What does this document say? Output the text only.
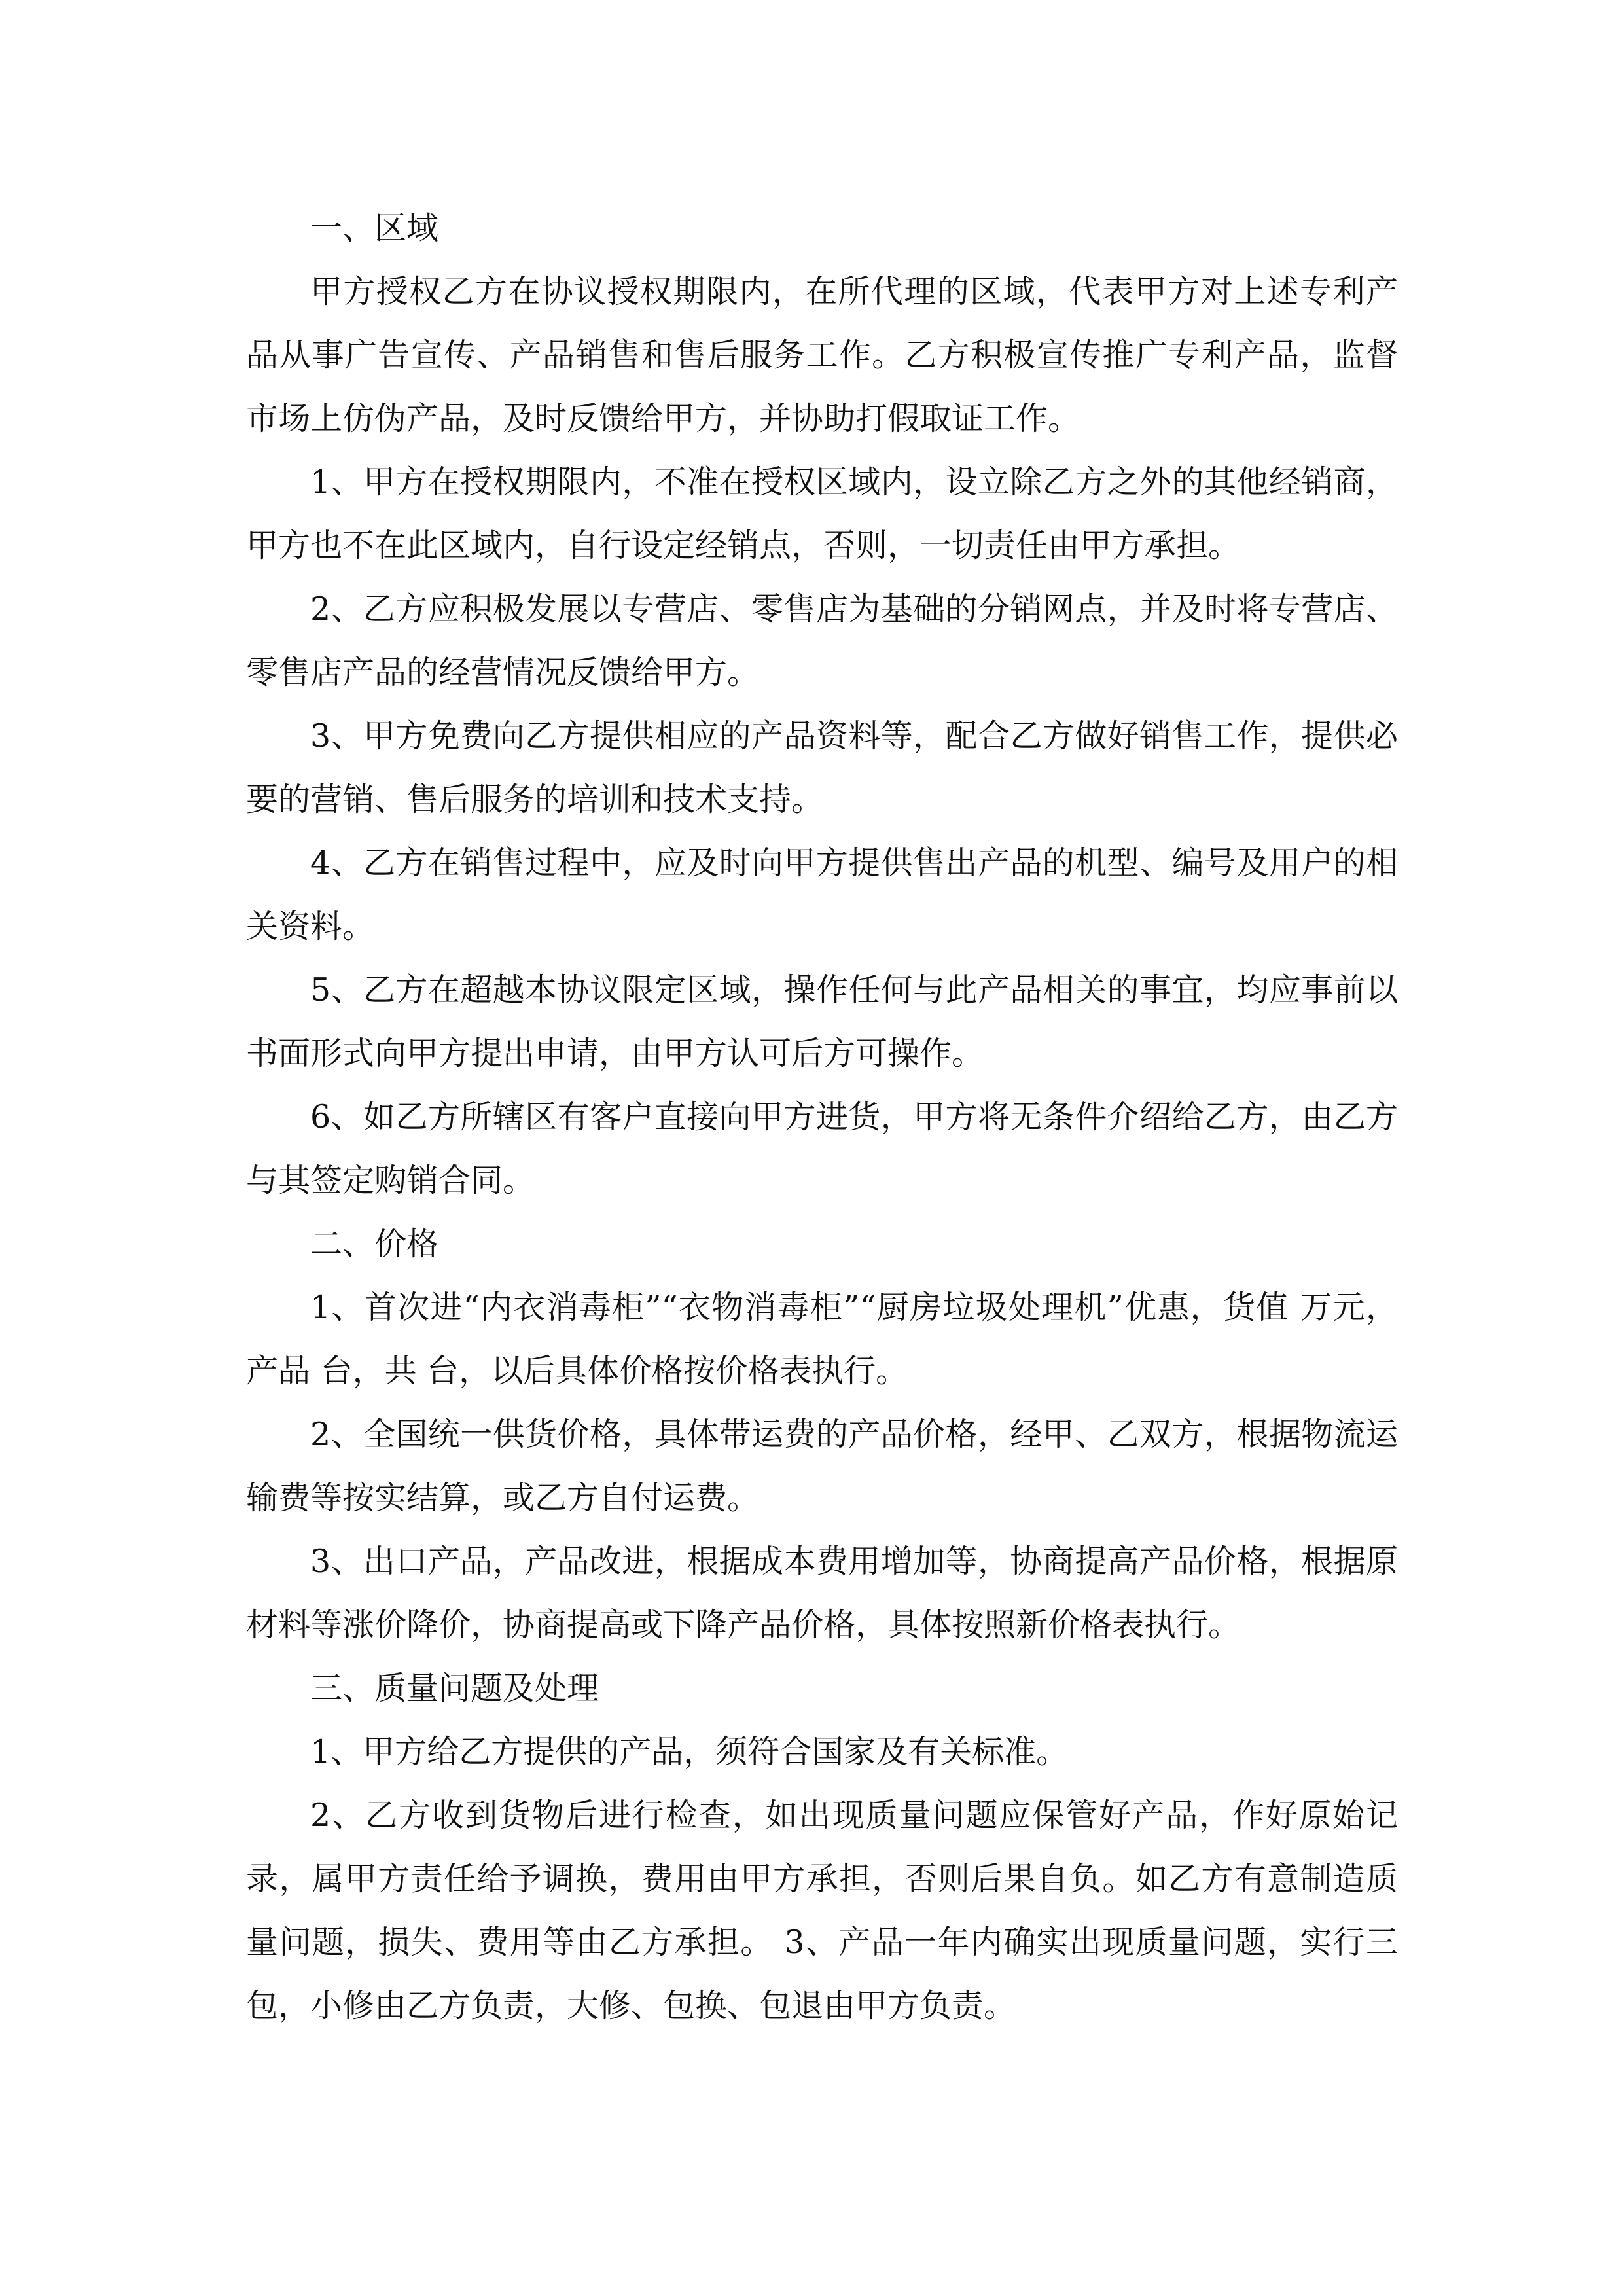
一、区域

甲方授权乙方在协议授权期限内，在所代理的区域，代表甲方对上述专利产品从事广告宣传、产品销售和售后服务工作。乙方积极宣传推广专利产品，监督市场上仿伪产品，及时反馈给甲方，并协助打假取证工作。

1、甲方在授权期限内，不准在授权区域内，设立除乙方之外的其他经销商，甲方也不在此区域内，自行设定经销点，否则，一切责任由甲方承担。

2、乙方应积极发展以专营店、零售店为基础的分销网点，并及时将专营店、零售店产品的经营情况反馈给甲方。

3、甲方免费向乙方提供相应的产品资料等，配合乙方做好销售工作，提供必要的营销、售后服务的培训和技术支持。

4、乙方在销售过程中，应及时向甲方提供售出产品的机型、编号及用户的相关资料。

5、乙方在超越本协议限定区域，操作任何与此产品相关的事宜，均应事前以书面形式向甲方提出申请，由甲方认可后方可操作。

6、如乙方所辖区有客户直接向甲方进货，甲方将无条件介绍给乙方，由乙方与其签定购销合同。

二、价格

1、首次进“内衣消毒柜”“衣物消毒柜”“厨房垃圾处理机”优惠，货值 万元，产品 台，共 台，以后具体价格按价格表执行。

2、全国统一供货价格，具体带运费的产品价格，经甲、乙双方，根据物流运输费等按实结算，或乙方自付运费。

3、出口产品，产品改进，根据成本费用增加等，协商提高产品价格，根据原材料等涨价降价，协商提高或下降产品价格，具体按照新价格表执行。

三、质量问题及处理

1、甲方给乙方提供的产品，须符合国家及有关标准。

2、乙方收到货物后进行检查，如出现质量问题应保管好产品，作好原始记录，属甲方责任给予调换，费用由甲方承担，否则后果自负。如乙方有意制造质量问题，损失、费用等由乙方承担。 3、产品一年内确实出现质量问题，实行三包，小修由乙方负责，大修、包换、包退由甲方负责。
